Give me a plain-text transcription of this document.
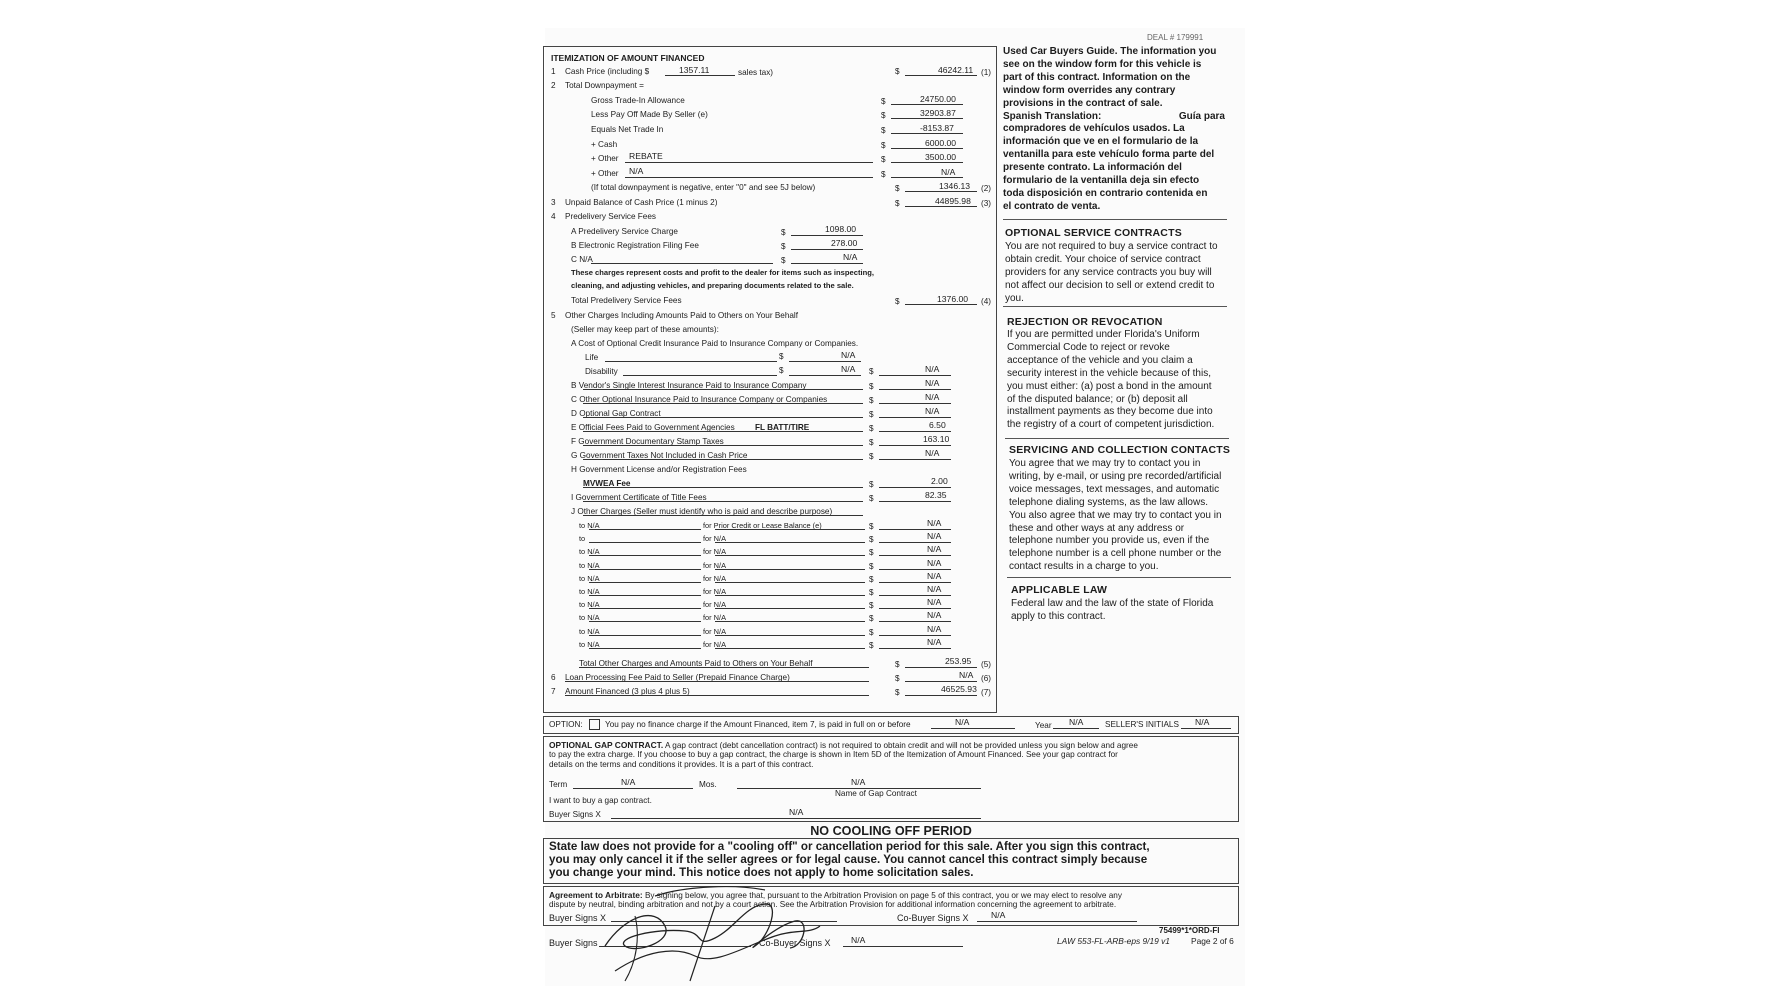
DEAL # 179991
ITEMIZATION OF AMOUNT FINANCED
1 Cash Price (including $	1357.11	sales tax)	$	46242.11 (1)
2 Total Downpayment =
Gross Trade-In Allowance	$	24750.00
Less Pay Off Made By Seller (e)	$	32903.87
Equals Net Trade In	$	-8153.87
+ Cash	$	6000.00
+ Other REBATE	$	3500.00
+ Other N/A	$	N/A
(If total downpayment is negative, enter "0" and see 5J below)	$	1346.13 (2)
3 Unpaid Balance of Cash Price (1 minus 2)	$	44895.98 (3)
4 Predelivery Service Fees
A Predelivery Service Charge	$	1098.00
B Electronic Registration Filing Fee	$	278.00
C N/A	$	N/A
These charges represent costs and profit to the dealer for items such as inspecting,
cleaning, and adjusting vehicles, and preparing documents related to the sale.
Total Predelivery Service Fees	$	1376.00 (4)
5 Other Charges Including Amounts Paid to Others on Your Behalf
(Seller may keep part of these amounts):
A Cost of Optional Credit Insurance Paid to Insurance Company or Companies.
Life	$	N/A
Disability	$	N/A $	N/A
B Vendor's Single Interest Insurance Paid to Insurance Company	$	N/A
C Other Optional Insurance Paid to Insurance Company or Companies	$	N/A
D Optional Gap Contract	$	N/A
E Official Fees Paid to Government Agencies FL BATT/TIRE	$	6.50
F Government Documentary Stamp Taxes	$	163.10
G Government Taxes Not Included in Cash Price	$	N/A
H Government License and/or Registration Fees
MVWEA Fee	$	2.00
I Government Certificate of Title Fees	$	82.35
J Other Charges (Seller must identify who is paid and describe purpose)
to N/A	for Prior Credit or Lease Balance (e)	$	N/A
to	for N/A	$	N/A
to N/A	for N/A	$	N/A
to N/A	for N/A	$	N/A
to N/A	for N/A	$	N/A
to N/A	for N/A	$	N/A
to N/A	for N/A	$	N/A
to N/A	for N/A	$	N/A
to N/A	for N/A	$	N/A
to N/A	for N/A	$	N/A
Total Other Charges and Amounts Paid to Others on Your Behalf	$	253.95 (5)
6 Loan Processing Fee Paid to Seller (Prepaid Finance Charge)	$	N/A (6)
7 Amount Financed (3 plus 4 plus 5)	$	46525.93 (7)
Used Car Buyers Guide. The information you
see on the window form for this vehicle is
part of this contract. Information on the
window form overrides any contrary
provisions in the contract of sale.
Spanish Translation:	Guía para
compradores de vehículos usados. La
información que ve en el formulario de la
ventanilla para este vehículo forma parte del
presente contrato. La información del
formulario de la ventanilla deja sin efecto
toda disposición en contrario contenida en
el contrato de venta.
OPTIONAL SERVICE CONTRACTS
You are not required to buy a service contract to
obtain credit. Your choice of service contract
providers for any service contracts you buy will
not affect our decision to sell or extend credit to
you.
REJECTION OR REVOCATION
If you are permitted under Florida's Uniform
Commercial Code to reject or revoke
acceptance of the vehicle and you claim a
security interest in the vehicle because of this,
you must either: (a) post a bond in the amount
of the disputed balance; or (b) deposit all
installment payments as they become due into
the registry of a court of competent jurisdiction.
SERVICING AND COLLECTION CONTACTS
You agree that we may try to contact you in
writing, by e-mail, or using pre recorded/artificial
voice messages, text messages, and automatic
telephone dialing systems, as the law allows.
You also agree that we may try to contact you in
these and other ways at any address or
telephone number you provide us, even if the
telephone number is a cell phone number or the
contact results in a charge to you.
APPLICABLE LAW
Federal law and the law of the state of Florida
apply to this contract.
OPTION:	You pay no finance charge if the Amount Financed, item 7, is paid in full on or before	N/A	Year N/A	SELLER'S INITIALS N/A
OPTIONAL GAP CONTRACT. A gap contract (debt cancellation contract) is not required to obtain credit and will not be provided unless you sign below and agree
to pay the extra charge. If you choose to buy a gap contract, the charge is shown in Item 5D of the Itemization of Amount Financed. See your gap contract for
details on the terms and conditions it provides. It is a part of this contract.
Term	N/A	Mos.	N/A
Name of Gap Contract
I want to buy a gap contract.
Buyer Signs X	N/A
NO COOLING OFF PERIOD
State law does not provide for a "cooling off" or cancellation period for this sale. After you sign this contract,
you may only cancel it if the seller agrees or for legal cause. You cannot cancel this contract simply because
you change your mind. This notice does not apply to home solicitation sales.
Agreement to Arbitrate: By signing below, you agree that, pursuant to the Arbitration Provision on page 5 of this contract, you or we may elect to resolve any
dispute by neutral, binding arbitration and not by a court action. See the Arbitration Provision for additional information concerning the agreement to arbitrate.
Buyer Signs X	Co-Buyer Signs X	N/A
Buyer Signs	Co-Buyer Signs X N/A
75499*1*ORD-FI
LAW 553-FL-ARB-eps 9/19 v1	Page 2 of 6
